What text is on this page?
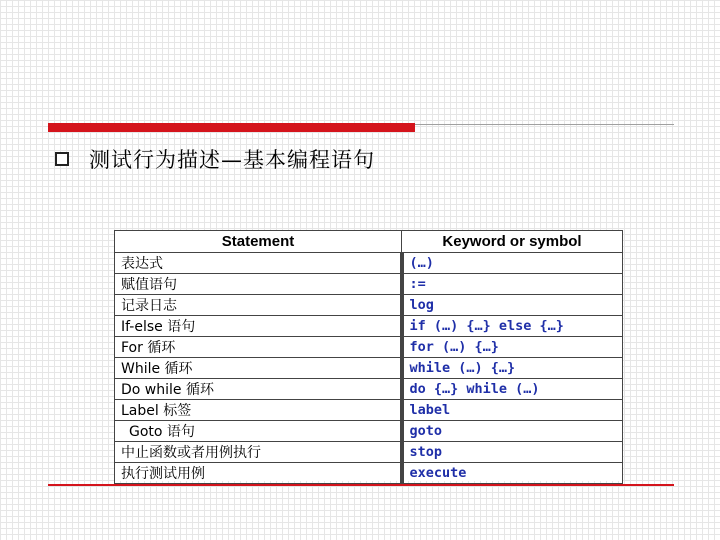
测试行为描述—基本编程语句
Statement	Keyword or symbol
表达式	(…)
赋值语句	:=
记录日志	log
If-else 语句	if (…) {…} else {…}
For 循环	for (…) {…}
While 循环	while (…) {…}
Do while 循环	do {…} while (…)
Label 标签	label
Goto 语句	goto
中止函数或者用例执行	stop
执行测试用例	execute
